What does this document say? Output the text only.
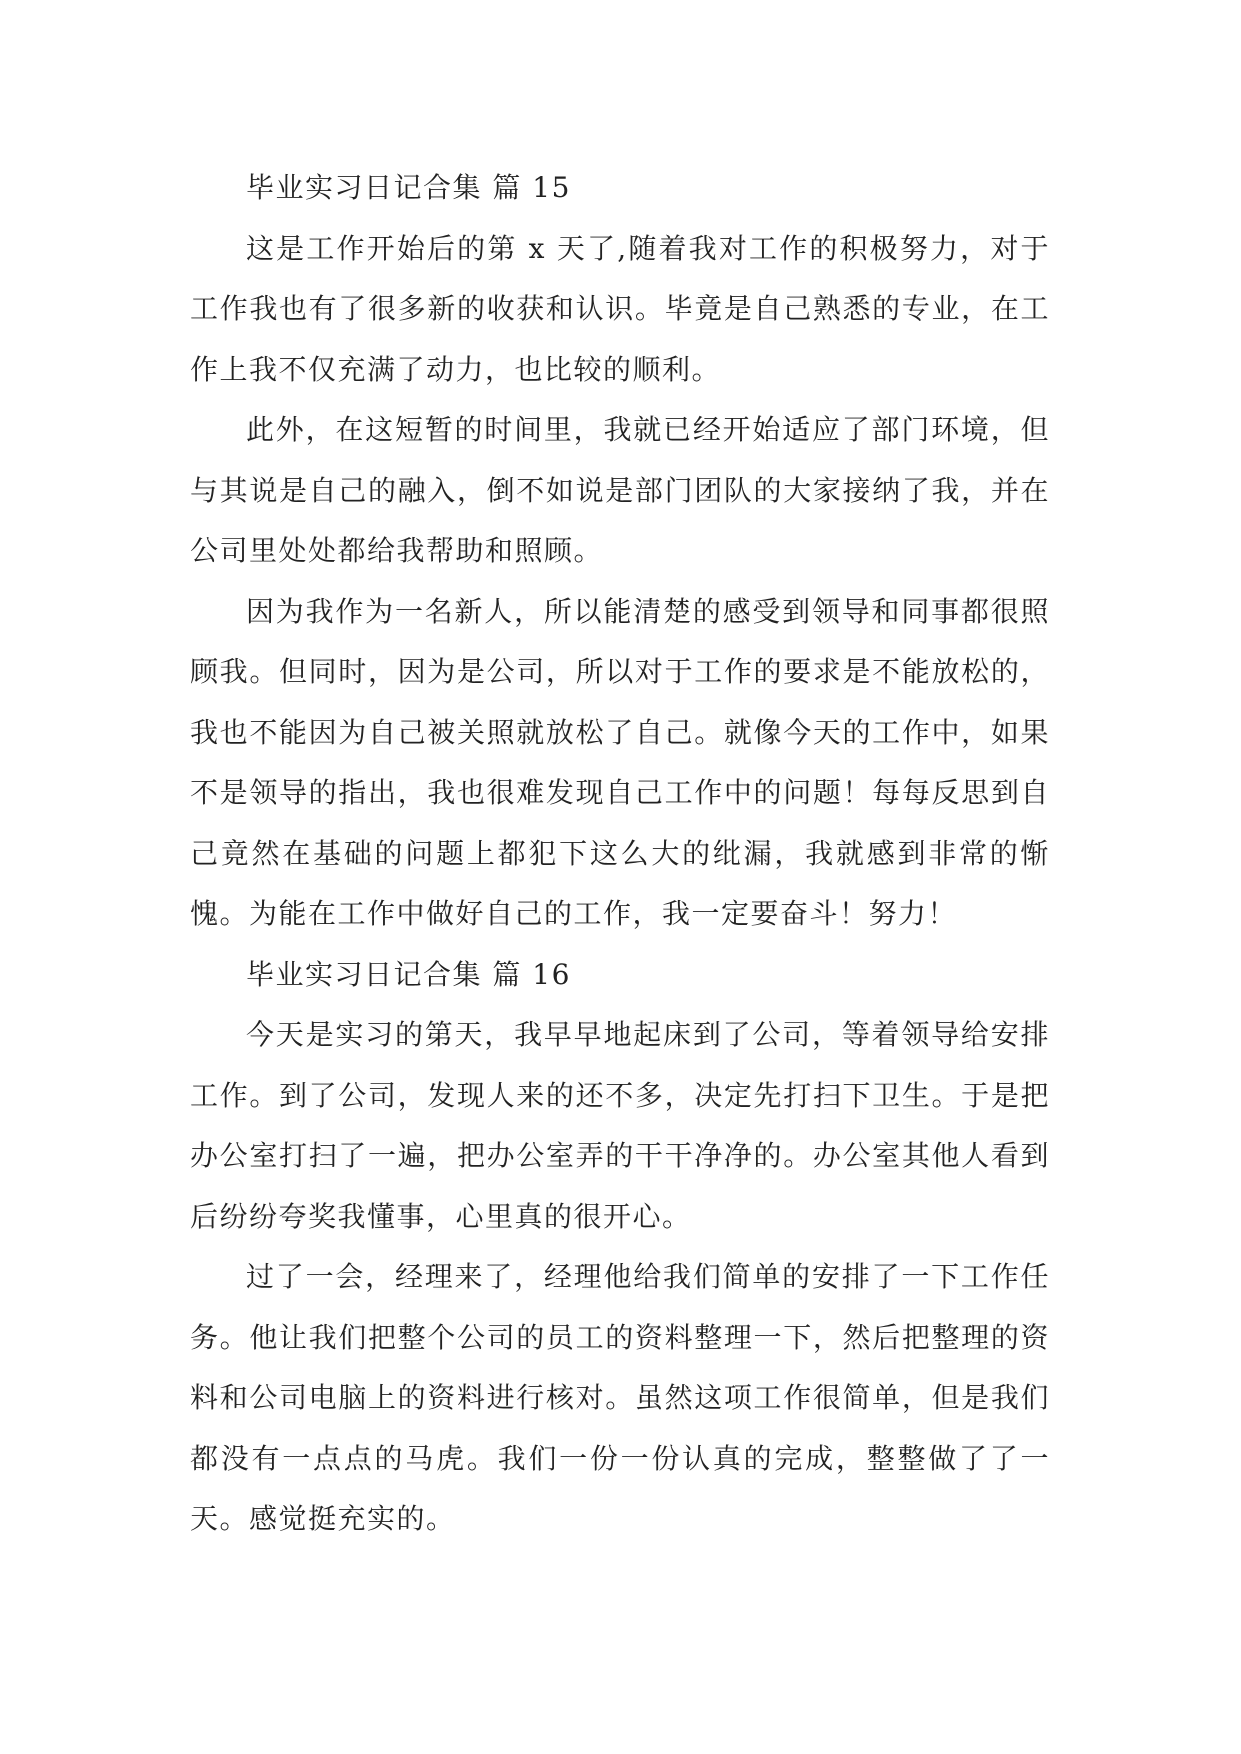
毕业实习日记合集 篇 15

这是工作开始后的第 x 天了,随着我对工作的积极努力，对于工作我也有了很多新的收获和认识。毕竟是自己熟悉的专业，在工作上我不仅充满了动力，也比较的顺利。

此外，在这短暂的时间里，我就已经开始适应了部门环境，但与其说是自己的融入，倒不如说是部门团队的大家接纳了我，并在公司里处处都给我帮助和照顾。

因为我作为一名新人，所以能清楚的感受到领导和同事都很照顾我。但同时，因为是公司，所以对于工作的要求是不能放松的，我也不能因为自己被关照就放松了自己。就像今天的工作中，如果不是领导的指出，我也很难发现自己工作中的问题！每每反思到自己竟然在基础的问题上都犯下这么大的纰漏，我就感到非常的惭愧。为能在工作中做好自己的工作，我一定要奋斗！努力！

毕业实习日记合集 篇 16

今天是实习的第天，我早早地起床到了公司，等着领导给安排工作。到了公司，发现人来的还不多，决定先打扫下卫生。于是把办公室打扫了一遍，把办公室弄的干干净净的。办公室其他人看到后纷纷夸奖我懂事，心里真的很开心。

过了一会，经理来了，经理他给我们简单的安排了一下工作任务。他让我们把整个公司的员工的资料整理一下，然后把整理的资料和公司电脑上的资料进行核对。虽然这项工作很简单，但是我们都没有一点点的马虎。我们一份一份认真的完成，整整做了了一天。感觉挺充实的。
